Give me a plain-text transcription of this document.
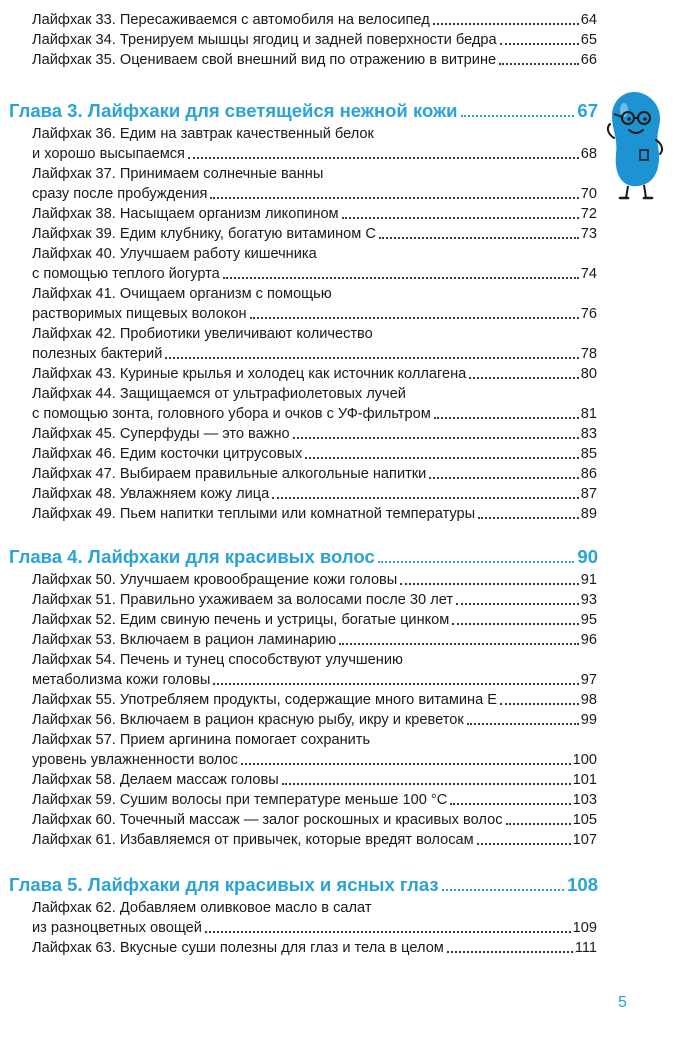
Лайфхак 33. Пересаживаемся с автомобиля на велосипед	64
Лайфхак 34. Тренируем мышцы ягодиц и задней поверхности бедра	65
Лайфхак 35. Оцениваем свой внешний вид по отражению в витрине	66
Глава 3. Лайфхаки для светящейся нежной кожи	67
Лайфхак 36. Едим на завтрак качественный белок
и хорошо высыпаемся	68
Лайфхак 37. Принимаем солнечные ванны
сразу после пробуждения	70
Лайфхак 38. Насыщаем организм ликопином	72
Лайфхак 39. Едим клубнику, богатую витамином С	73
Лайфхак 40. Улучшаем работу кишечника
с помощью теплого йогурта	74
Лайфхак 41. Очищаем организм с помощью
растворимых пищевых волокон	76
Лайфхак 42. Пробиотики увеличивают количество
полезных бактерий	78
Лайфхак 43. Куриные крылья и холодец как источник коллагена	80
Лайфхак 44. Защищаемся от ультрафиолетовых лучей
с помощью зонта, головного убора и очков с УФ-фильтром	81
Лайфхак 45. Суперфуды — это важно	83
Лайфхак 46. Едим косточки цитрусовых	85
Лайфхак 47. Выбираем правильные алкогольные напитки	86
Лайфхак 48. Увлажняем кожу лица	87
Лайфхак 49. Пьем напитки теплыми или комнатной температуры	89
Глава 4. Лайфхаки для красивых волос	90
Лайфхак 50. Улучшаем кровообращение кожи головы	91
Лайфхак 51. Правильно ухаживаем за волосами после 30 лет	93
Лайфхак 52. Едим свиную печень и устрицы, богатые цинком	95
Лайфхак 53. Включаем в рацион ламинарию	96
Лайфхак 54. Печень и тунец способствуют улучшению
метаболизма кожи головы	97
Лайфхак 55. Употребляем продукты, содержащие много витамина Е	98
Лайфхак 56. Включаем в рацион красную рыбу, икру и креветок	99
Лайфхак 57. Прием аргинина помогает сохранить
уровень увлажненности волос	100
Лайфхак 58. Делаем массаж головы	101
Лайфхак 59. Сушим волосы при температуре меньше 100 °С	103
Лайфхак 60. Точечный массаж — залог роскошных и красивых волос	105
Лайфхак 61. Избавляемся от привычек, которые вредят волосам	107
Глава 5. Лайфхаки для красивых и ясных глаз	108
Лайфхак 62. Добавляем оливковое масло в салат
из разноцветных овощей	109
Лайфхак 63. Вкусные суши полезны для глаз и тела в целом	111
5
